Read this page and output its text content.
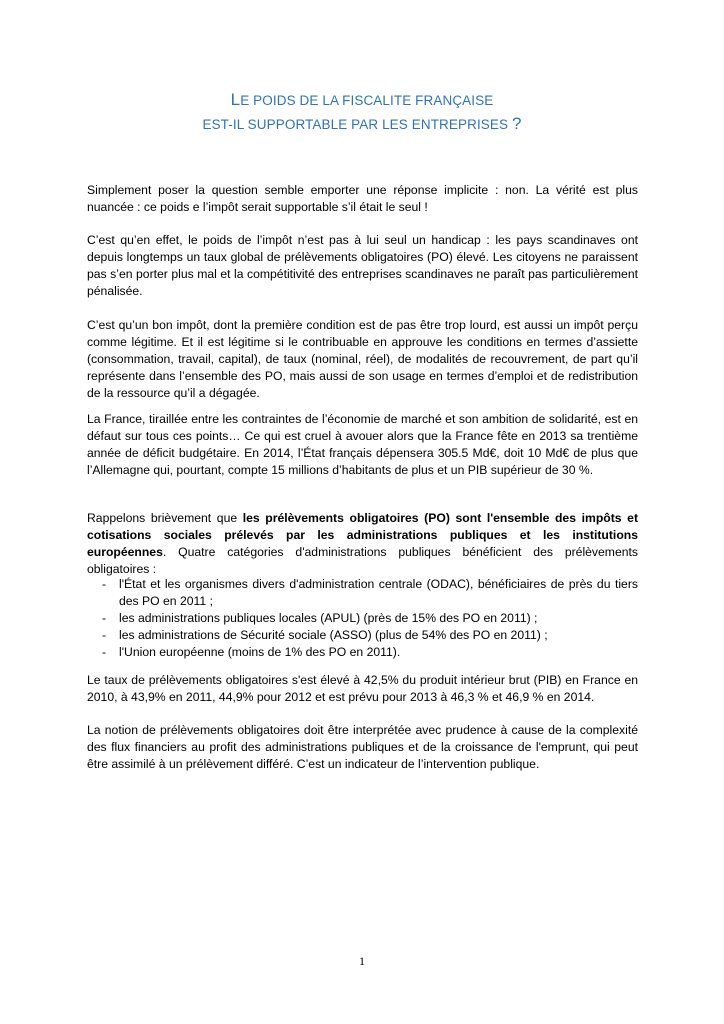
LE POIDS DE LA FISCALITE FRANÇAISE
EST-IL SUPPORTABLE PAR LES ENTREPRISES ?

Simplement poser la question semble emporter une réponse implicite : non. La vérité est plus nuancée : ce poids e l’impôt serait supportable s’il était le seul !

C’est qu’en effet, le poids de l’impôt n’est pas à lui seul un handicap : les pays scandinaves ont depuis longtemps un taux global de prélèvements obligatoires (PO) élevé. Les citoyens ne paraissent pas s’en porter plus mal et la compétitivité des entreprises scandinaves ne paraît pas particulièrement pénalisée.

C’est qu’un bon impôt, dont la première condition est de pas être trop lourd, est aussi un impôt perçu comme légitime. Et il est légitime si le contribuable en approuve les conditions en termes d’assiette (consommation, travail, capital), de taux (nominal, réel), de modalités de recouvrement, de part qu’il représente dans l’ensemble des PO, mais aussi de son usage en termes d’emploi et de redistribution de la ressource qu’il a dégagée.

La France, tiraillée entre les contraintes de l’économie de marché et son ambition de solidarité, est en défaut sur tous ces points… Ce qui est cruel à avouer alors que la France fête en 2013 sa trentième année de déficit budgétaire. En 2014, l’État français dépensera 305.5 Md€, doit 10 Md€ de plus que l’Allemagne qui, pourtant, compte 15 millions d’habitants de plus et un PIB supérieur de 30 %.

Rappelons brièvement que les prélèvements obligatoires (PO) sont l'ensemble des impôts et cotisations sociales prélevés par les administrations publiques et les institutions européennes. Quatre catégories d'administrations publiques bénéficient des prélèvements obligatoires :

- l'État et les organismes divers d'administration centrale (ODAC), bénéficiaires de près du tiers des PO en 2011 ;
- les administrations publiques locales (APUL) (près de 15% des PO en 2011) ;
- les administrations de Sécurité sociale (ASSO) (plus de 54% des PO en 2011) ;
- l'Union européenne (moins de 1% des PO en 2011).

Le taux de prélèvements obligatoires s'est élevé à 42,5% du produit intérieur brut (PIB) en France en 2010, à 43,9% en 2011, 44,9% pour 2012 et est prévu pour 2013 à 46,3 % et 46,9 % en 2014.

La notion de prélèvements obligatoires doit être interprétée avec prudence à cause de la complexité des flux financiers au profit des administrations publiques et de la croissance de l'emprunt, qui peut être assimilé à un prélèvement différé. C’est un indicateur de l’intervention publique.

1
